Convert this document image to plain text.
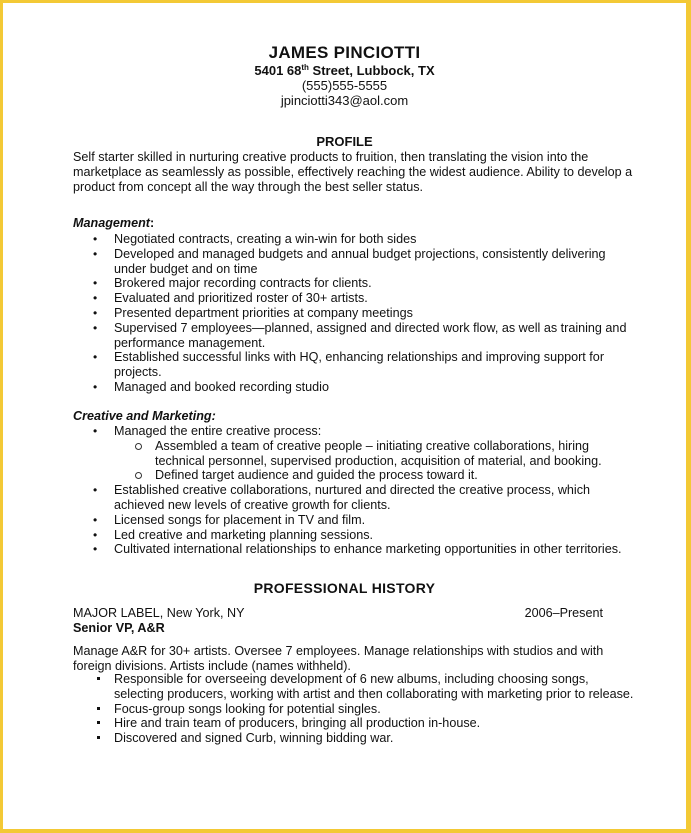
JAMES PINCIOTTI
5401 68th Street, Lubbock, TX
(555)555-5555
jpinciotti343@aol.com
PROFILE
Self starter skilled in nurturing creative products to fruition, then translating the vision into the marketplace as seamlessly as possible, effectively reaching the widest audience. Ability to develop a product from concept all the way through the best seller status.
Management:
• Negotiated contracts, creating a win-win for both sides
• Developed and managed budgets and annual budget projections, consistently delivering under budget and on time
• Brokered major recording contracts for clients.
• Evaluated and prioritized roster of 30+ artists.
• Presented department priorities at company meetings
• Supervised 7 employees—planned, assigned and directed work flow, as well as training and performance management.
• Established successful links with HQ, enhancing relationships and improving support for projects.
• Managed and booked recording studio
Creative and Marketing:
• Managed the entire creative process:
Assembled a team of creative people – initiating creative collaborations, hiring technical personnel, supervised production, acquisition of material, and booking.
Defined target audience and guided the process toward it.
• Established creative collaborations, nurtured and directed the creative process, which achieved new levels of creative growth for clients.
• Licensed songs for placement in TV and film.
• Led creative and marketing planning sessions.
• Cultivated international relationships to enhance marketing opportunities in other territories.
PROFESSIONAL HISTORY
MAJOR LABEL, New York, NY	2006–Present
Senior VP, A&R
Manage A&R for 30+ artists. Oversee 7 employees. Manage relationships with studios and with foreign divisions. Artists include (names withheld).
Responsible for overseeing development of 6 new albums, including choosing songs, selecting producers, working with artist and then collaborating with marketing prior to release.
Focus-group songs looking for potential singles.
Hire and train team of producers, bringing all production in-house.
Discovered and signed Curb, winning bidding war.
